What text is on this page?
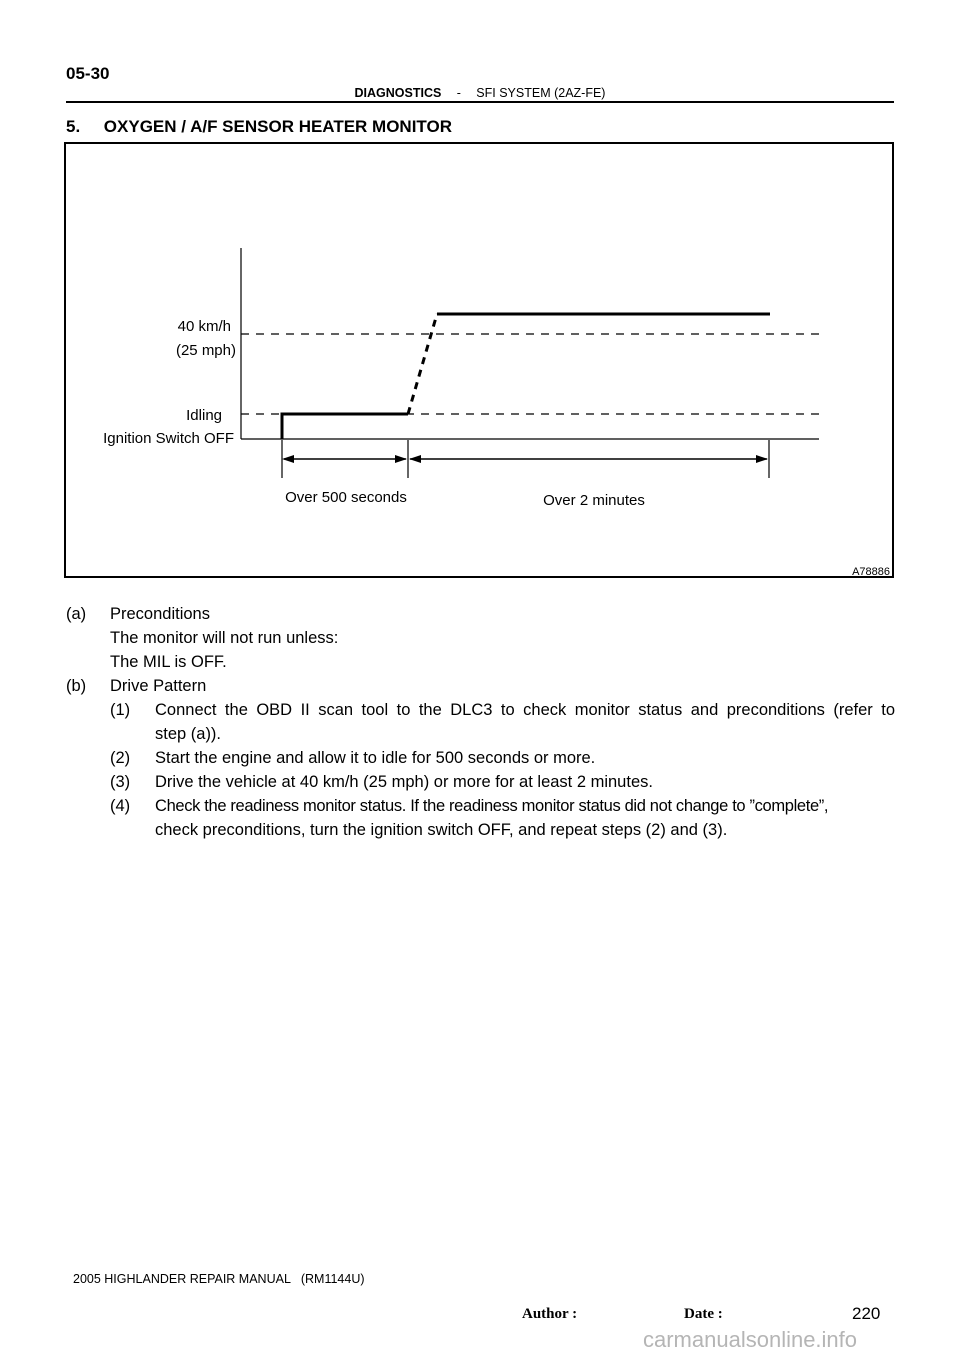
05-30
DIAGNOSTICS - SFI SYSTEM (2AZ-FE)
5.     OXYGEN / A/F SENSOR HEATER MONITOR
40 km/h
(25 mph)
Idling
Ignition Switch OFF
Over 500 seconds	Over 2 minutes
A78886
(a) Preconditions
The monitor will not run unless:
The MIL is OFF.
(b) Drive Pattern
(1) Connect the OBD II scan tool to the DLC3 to check monitor status and preconditions (refer to
step (a)).
(2) Start the engine and allow it to idle for 500 seconds or more.
(3) Drive the vehicle at 40 km/h (25 mph) or more for at least 2 minutes.
(4) Check the readiness monitor status. If the readiness monitor status did not change to ”complete”,
check preconditions, turn the ignition switch OFF, and repeat steps (2) and (3).
2005 HIGHLANDER REPAIR MANUAL   (RM1144U)
Author :	Date :	220
carmanualsonline.info
